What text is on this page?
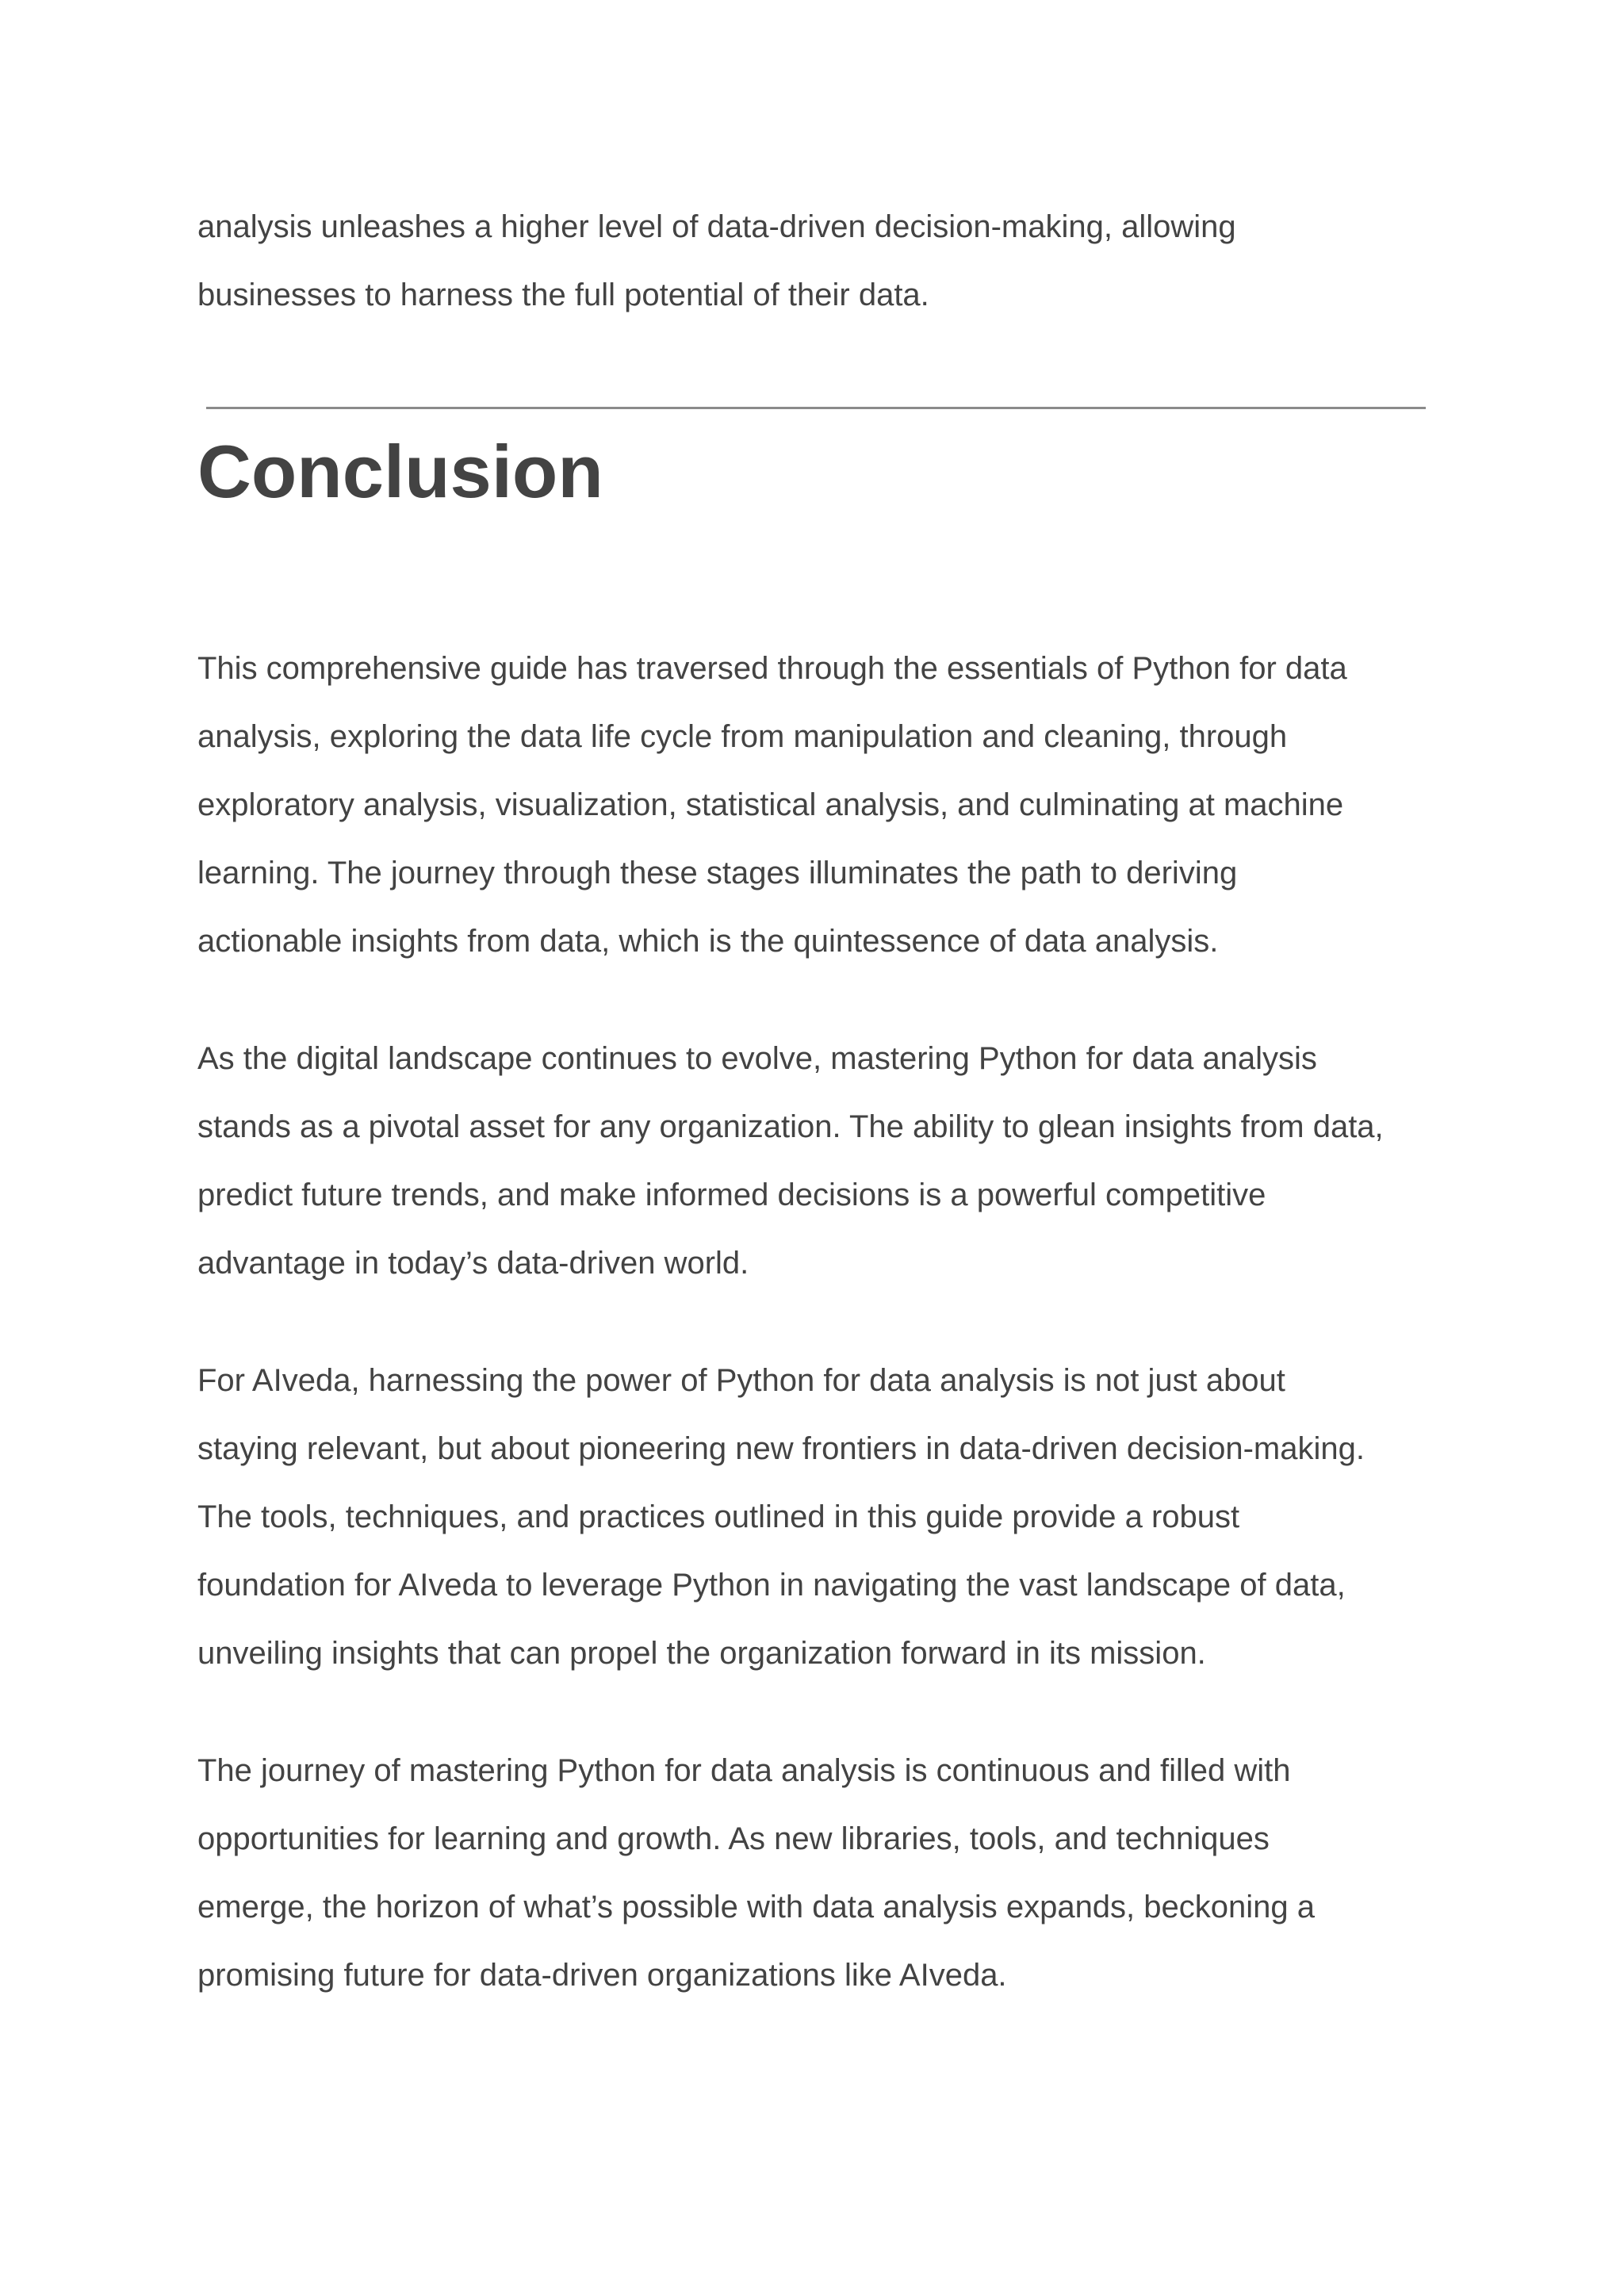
analysis unleashes a higher level of data-driven decision-making, allowing
businesses to harness the full potential of their data.

Conclusion

This comprehensive guide has traversed through the essentials of Python for data
analysis, exploring the data life cycle from manipulation and cleaning, through
exploratory analysis, visualization, statistical analysis, and culminating at machine
learning. The journey through these stages illuminates the path to deriving
actionable insights from data, which is the quintessence of data analysis.

As the digital landscape continues to evolve, mastering Python for data analysis
stands as a pivotal asset for any organization. The ability to glean insights from data,
predict future trends, and make informed decisions is a powerful competitive
advantage in today’s data-driven world.

For AIveda, harnessing the power of Python for data analysis is not just about
staying relevant, but about pioneering new frontiers in data-driven decision-making.
The tools, techniques, and practices outlined in this guide provide a robust
foundation for AIveda to leverage Python in navigating the vast landscape of data,
unveiling insights that can propel the organization forward in its mission.

The journey of mastering Python for data analysis is continuous and filled with
opportunities for learning and growth. As new libraries, tools, and techniques
emerge, the horizon of what’s possible with data analysis expands, beckoning a
promising future for data-driven organizations like AIveda.
